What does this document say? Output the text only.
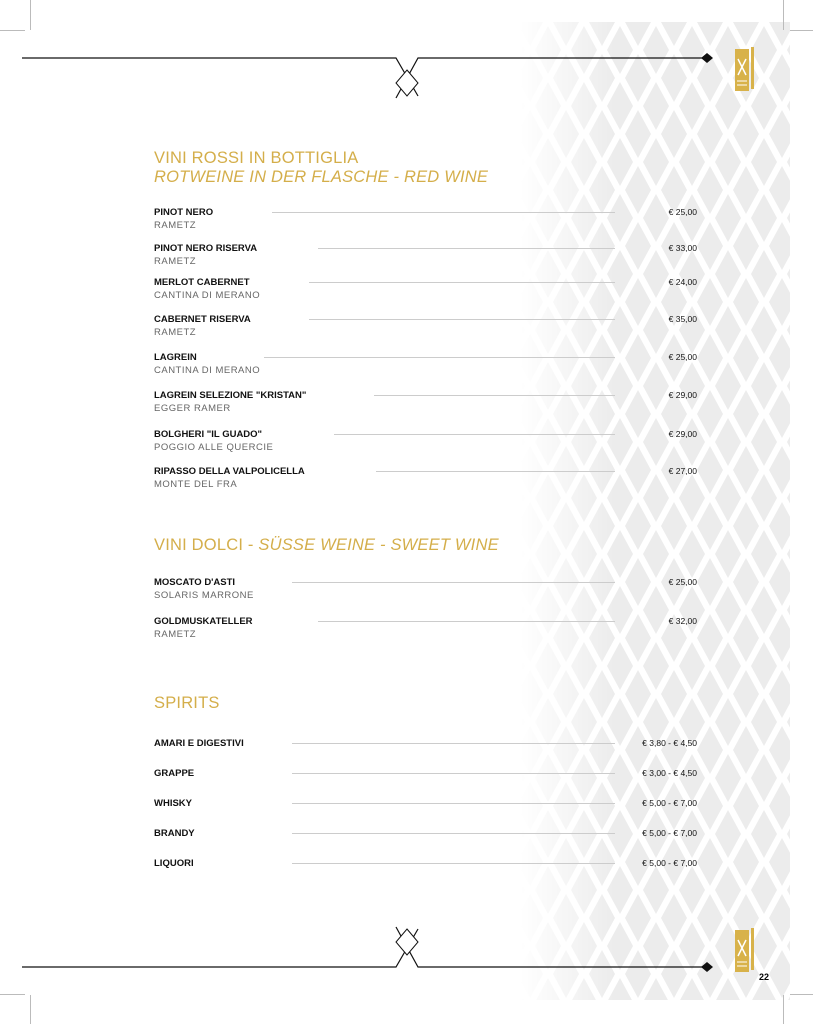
VINI ROSSI IN BOTTIGLIA
ROTWEINE IN DER FLASCHE - RED WINE
PINOT NERO
RAMETZ
€ 25,00
PINOT NERO RISERVA
RAMETZ
€ 33,00
MERLOT CABERNET
CANTINA DI MERANO
€ 24,00
CABERNET RISERVA
RAMETZ
€ 35,00
LAGREIN
CANTINA DI MERANO
€ 25,00
LAGREIN SELEZIONE "KRISTAN"
EGGER RAMER
€ 29,00
BOLGHERI "IL GUADO"
POGGIO ALLE QUERCIE
€ 29,00
RIPASSO DELLA VALPOLICELLA
MONTE DEL FRA
€ 27,00
VINI DOLCI - SÜSSE WEINE - SWEET WINE
MOSCATO D'ASTI
SOLARIS MARRONE
€ 25,00
GOLDMUSKATELLER
RAMETZ
€ 32,00
SPIRITS
AMARI E DIGESTIVI	€ 3,80 - € 4,50
GRAPPE	€ 3,00 - € 4,50
WHISKY	€ 5,00 - € 7,00
BRANDY	€ 5,00 - € 7,00
LIQUORI	€ 5,00 - € 7,00
22
